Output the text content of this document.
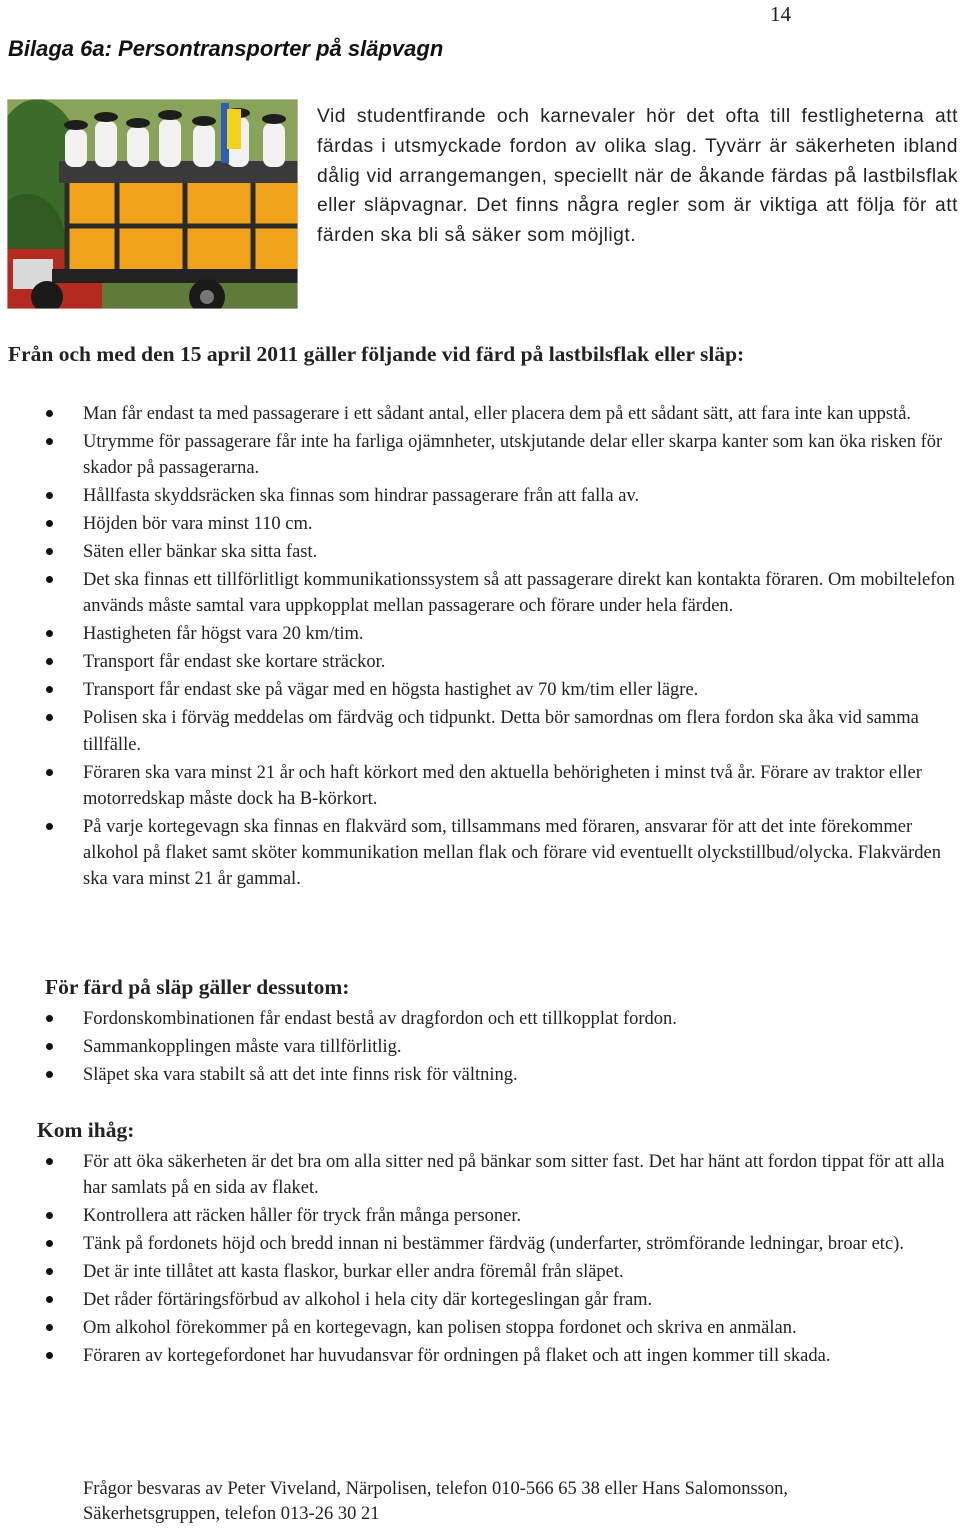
14
Bilaga 6a: Persontransporter på släpvagn

Vid studentfirande och karnevaler hör det ofta till festligheterna att färdas i utsmyckade fordon av olika slag. Tyvärr är säkerheten ibland dålig vid arrangemangen, speciellt när de åkande färdas på lastbilsflak eller släpvagnar. Det finns några regler som är viktiga att följa för att färden ska bli så säker som möjligt.

Från och med den 15 april 2011 gäller följande vid färd på lastbilsflak eller släp:
Man får endast ta med passagerare i ett sådant antal, eller placera dem på ett sådant sätt, att fara inte kan uppstå.
Utrymme för passagerare får inte ha farliga ojämnheter, utskjutande delar eller skarpa kanter som kan öka risken för skador på passagerarna.
Hållfasta skyddsräcken ska finnas som hindrar passagerare från att falla av.
Höjden bör vara minst 110 cm.
Säten eller bänkar ska sitta fast.
Det ska finnas ett tillförlitligt kommunikationssystem så att passagerare direkt kan kontakta föraren. Om mobiltelefon används måste samtal vara uppkopplat mellan passagerare och förare under hela färden.
Hastigheten får högst vara 20 km/tim.
Transport får endast ske kortare sträckor.
Transport får endast ske på vägar med en högsta hastighet av 70 km/tim eller lägre.
Polisen ska i förväg meddelas om färdväg och tidpunkt. Detta bör samordnas om flera fordon ska åka vid samma tillfälle.
Föraren ska vara minst 21 år och haft körkort med den aktuella behörigheten i minst två år. Förare av traktor eller motorredskap måste dock ha B-körkort.
På varje kortegevagn ska finnas en flakvärd som, tillsammans med föraren, ansvarar för att det inte förekommer alkohol på flaket samt sköter kommunikation mellan flak och förare vid eventuellt olyckstillbud/olycka. Flakvärden ska vara minst 21 år gammal.
För färd på släp gäller dessutom:
Fordonskombinationen får endast bestå av dragfordon och ett tillkopplat fordon.
Sammankopplingen måste vara tillförlitlig.
Släpet ska vara stabilt så att det inte finns risk för vältning.
Kom ihåg:
För att öka säkerheten är det bra om alla sitter ned på bänkar som sitter fast. Det har hänt att fordon tippat för att alla har samlats på en sida av flaket.
Kontrollera att räcken håller för tryck från många personer.
Tänk på fordonets höjd och bredd innan ni bestämmer färdväg (underfarter, strömförande ledningar, broar etc).
Det är inte tillåtet att kasta flaskor, burkar eller andra föremål från släpet.
Det råder förtäringsförbud av alkohol i hela city där kortegeslingan går fram.
Om alkohol förekommer på en kortegevagn, kan polisen stoppa fordonet och skriva en anmälan.
Föraren av kortegefordonet har huvudansvar för ordningen på flaket och att ingen kommer till skada.
Frågor besvaras av Peter Viveland, Närpolisen, telefon 010-566 65 38 eller Hans Salomonsson,
Säkerhetsgruppen, telefon 013-26 30 21
